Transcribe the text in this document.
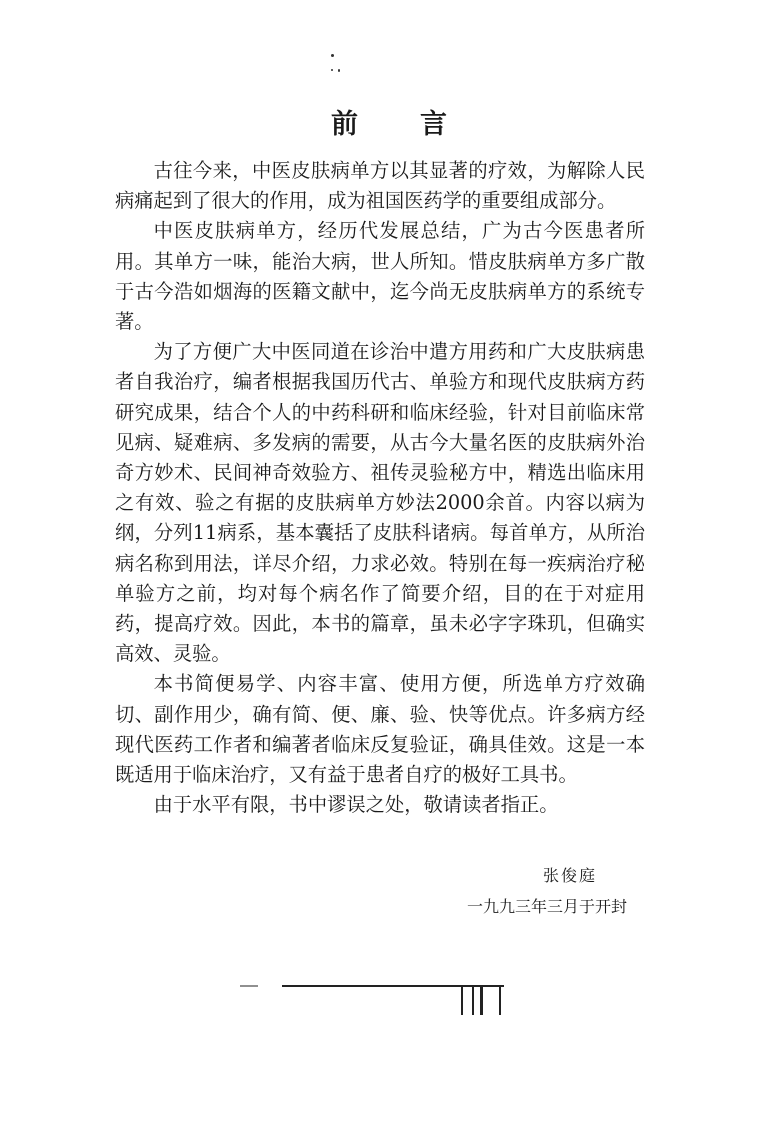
前 言

古往今来，中医皮肤病单方以其显著的疗效，为解除人民病痛起到了很大的作用，成为祖国医药学的重要组成部分。

中医皮肤病单方，经历代发展总结，广为古今医患者所用。其单方一味，能治大病，世人所知。惜皮肤病单方多广散于古今浩如烟海的医籍文献中，迄今尚无皮肤病单方的系统专著。

为了方便广大中医同道在诊治中遣方用药和广大皮肤病患者自我治疗，编者根据我国历代古、单验方和现代皮肤病方药研究成果，结合个人的中药科研和临床经验，针对目前临床常见病、疑难病、多发病的需要，从古今大量名医的皮肤病外治奇方妙术、民间神奇效验方、祖传灵验秘方中，精选出临床用之有效、验之有据的皮肤病单方妙法2000余首。内容以病为纲，分列11病系，基本囊括了皮肤科诸病。每首单方，从所治病名称到用法，详尽介绍，力求必效。特别在每一疾病治疗秘单验方之前，均对每个病名作了简要介绍，目的在于对症用药，提高疗效。因此，本书的篇章，虽未必字字珠玑，但确实高效、灵验。

本书简便易学、内容丰富、使用方便，所选单方疗效确切、副作用少，确有简、便、廉、验、快等优点。许多病方经现代医药工作者和编著者临床反复验证，确具佳效。这是一本既适用于临床治疗，又有益于患者自疗的极好工具书。

由于水平有限，书中谬误之处，敬请读者指正。

张俊庭
一九九三年三月于开封
